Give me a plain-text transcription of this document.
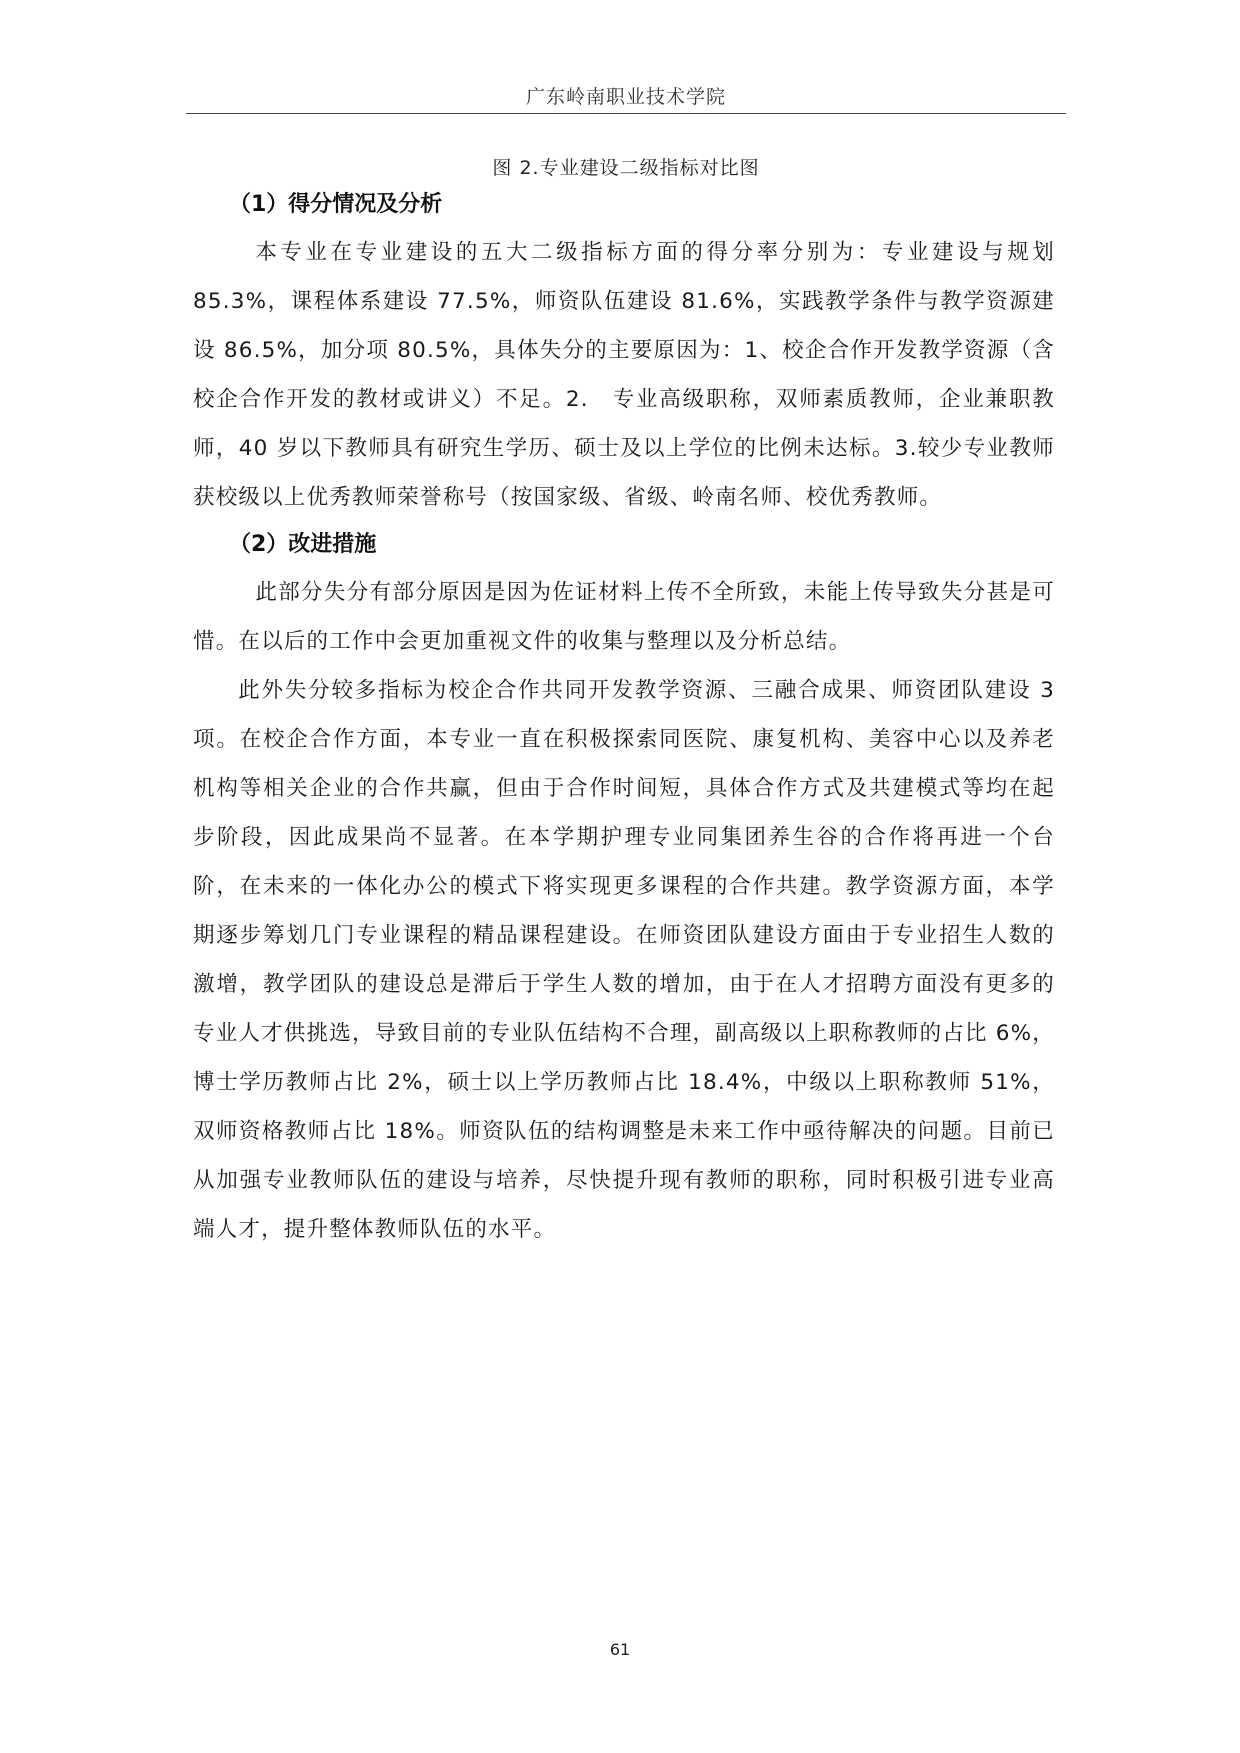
广东岭南职业技术学院
图 2.专业建设二级指标对比图

（1）得分情况及分析

本专业在专业建设的五大二级指标方面的得分率分别为：专业建设与规划 85.3%，课程体系建设 77.5%，师资队伍建设 81.6%，实践教学条件与教学资源建设 86.5%，加分项 80.5%，具体失分的主要原因为：1、校企合作开发教学资源（含校企合作开发的教材或讲义）不足。2.　专业高级职称，双师素质教师，企业兼职教师，40 岁以下教师具有研究生学历、硕士及以上学位的比例未达标。3.较少专业教师获校级以上优秀教师荣誉称号（按国家级、省级、岭南名师、校优秀教师。

（2）改进措施

此部分失分有部分原因是因为佐证材料上传不全所致，未能上传导致失分甚是可惜。在以后的工作中会更加重视文件的收集与整理以及分析总结。

此外失分较多指标为校企合作共同开发教学资源、三融合成果、师资团队建设 3 项。在校企合作方面，本专业一直在积极探索同医院、康复机构、美容中心以及养老机构等相关企业的合作共赢，但由于合作时间短，具体合作方式及共建模式等均在起步阶段，因此成果尚不显著。在本学期护理专业同集团养生谷的合作将再进一个台阶，在未来的一体化办公的模式下将实现更多课程的合作共建。教学资源方面，本学期逐步筹划几门专业课程的精品课程建设。在师资团队建设方面由于专业招生人数的激增，教学团队的建设总是滞后于学生人数的增加，由于在人才招聘方面没有更多的专业人才供挑选，导致目前的专业队伍结构不合理，副高级以上职称教师的占比 6%，博士学历教师占比 2%，硕士以上学历教师占比 18.4%，中级以上职称教师 51%，双师资格教师占比 18%。师资队伍的结构调整是未来工作中亟待解决的问题。目前已从加强专业教师队伍的建设与培养，尽快提升现有教师的职称，同时积极引进专业高端人才，提升整体教师队伍的水平。

61
